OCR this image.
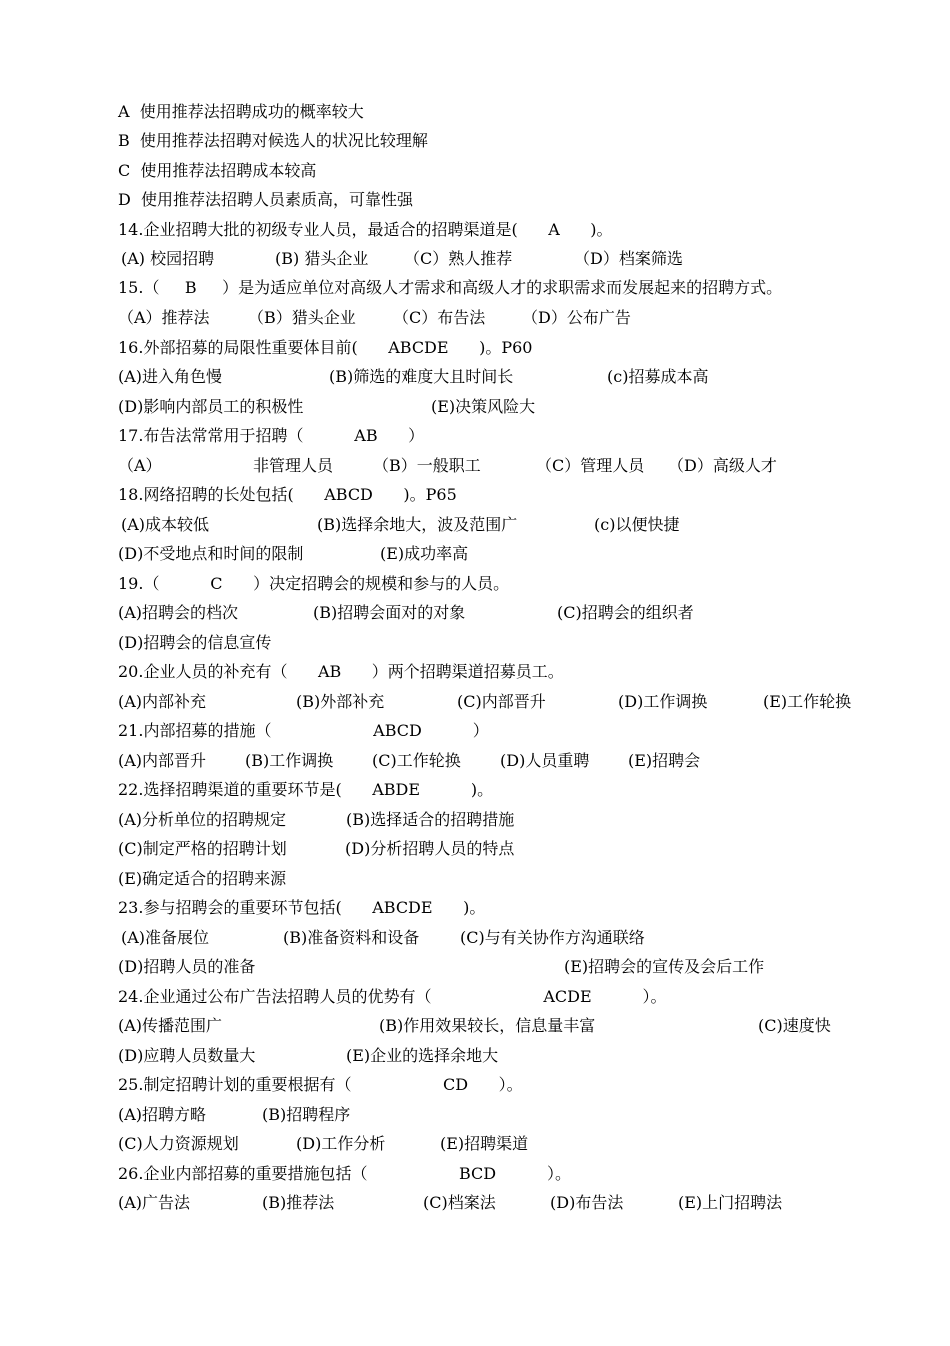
A  使用推荐法招聘成功的概率较大
B  使用推荐法招聘对候选人的状况比较理解
C  使用推荐法招聘成本较高
D  使用推荐法招聘人员素质高，可靠性强
14.企业招聘大批的初级专业人员，最适合的招聘渠道是(      A      )。

(A) 校园招聘

	(B) 猎头企业

（C）熟人推荐

	（D）档案筛选

15.（     B     ）是为适应单位对高级人才需求和高级人才的求职需求而发展起来的招聘方式。

（A）推荐法

（B）猎头企业

（C）布告法

（D）公布广告

16.外部招募的局限性重要体目前(      ABCDE      )。P60

(A)进入角色慢

	(B)筛选的难度大且时间长

	(c)招募成本高

(D)影响内部员工的积极性

	(E)决策风险大

17.布告法常常用于招聘（          AB      ）

（A）

	非管理人员

（B）一般职工

	（C）管理人员

（D）高级人才

18.网络招聘的长处包括(      ABCD      )。P65

(A)成本较低

	(B)选择余地大，波及范围广

	(c)以便快捷

(D)不受地点和时间的限制

	(E)成功率高

19.（          C      ）决定招聘会的规模和参与的人员。

(A)招聘会的档次

	(B)招聘会面对的对象

	(C)招聘会的组织者

(D)招聘会的信息宣传

20.企业人员的补充有（      AB      ）两个招聘渠道招募员工。

(A)内部补充

	(B)外部补充

	(C)内部晋升

	(D)工作调换

	(E)工作轮换

21.内部招募的措施（                    ABCD          ）

(A)内部晋升

(B)工作调换

(C)工作轮换

(D)人员重聘

(E)招聘会

22.选择招聘渠道的重要环节是(      ABDE          )。

(A)分析单位的招聘规定

	(B)选择适合的招聘措施

(C)制定严格的招聘计划

	(D)分析招聘人员的特点

(E)确定适合的招聘来源
23.参与招聘会的重要环节包括(      ABCDE      )。

(A)准备展位

	(B)准备资料和设备

	(C)与有关协作方沟通联络

(D)招聘人员的准备

	(E)招聘会的宣传及会后工作

24.企业通过公布广告法招聘人员的优势有（                      ACDE          ）。

(A)传播范围广

	(B)作用效果较长，信息量丰富

	(C)速度快

(D)应聘人员数量大

	(E)企业的选择余地大

25.制定招聘计划的重要根据有（                  CD      ）。

(A)招聘方略

	(B)招聘程序

(C)人力资源规划

	(D)工作分析

	(E)招聘渠道

26.企业内部招募的重要措施包括（                  BCD          ）。

(A)广告法

	(B)推荐法

	(C)档案法

	(D)布告法

	(E)上门招聘法
